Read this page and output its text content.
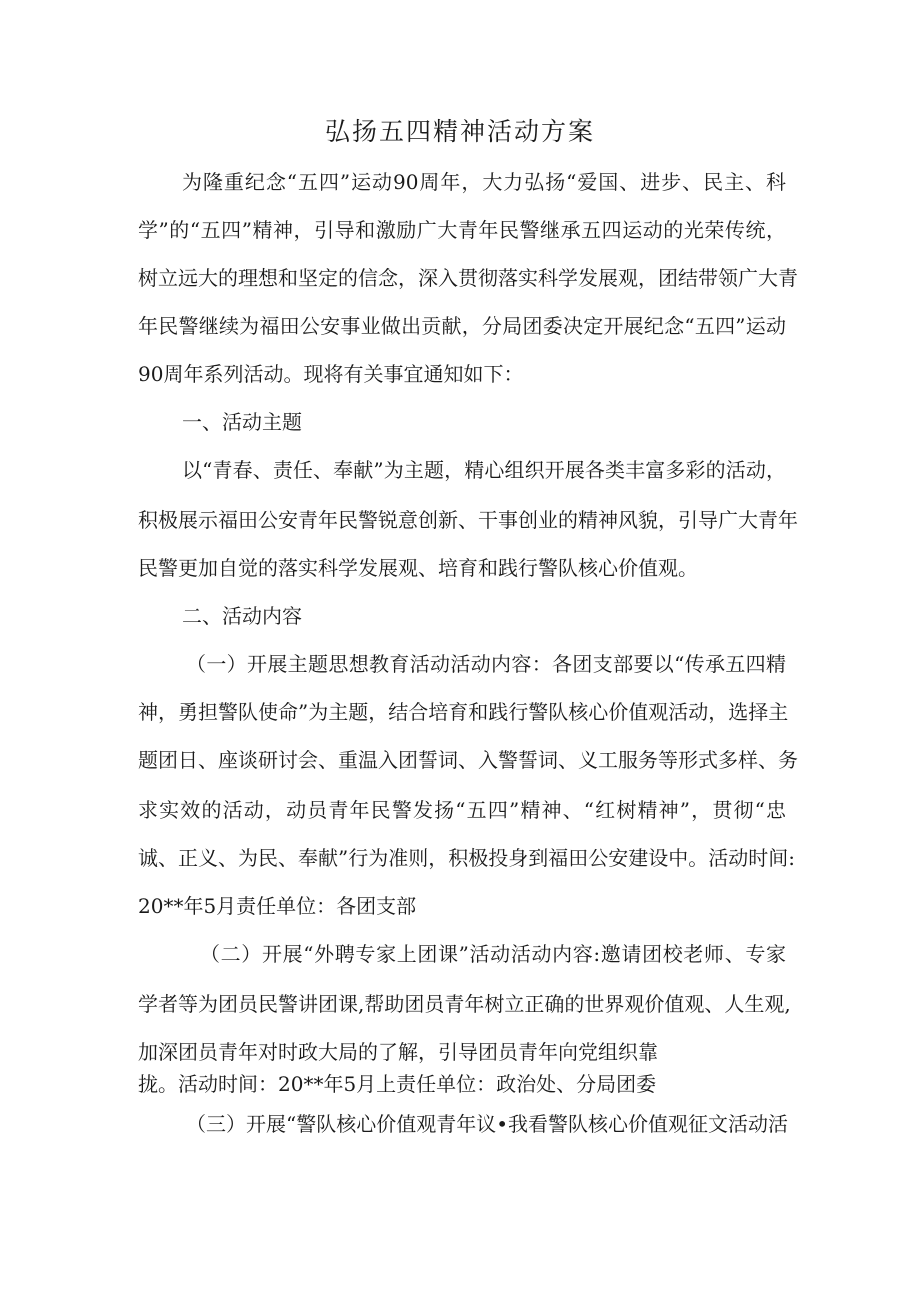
弘扬五四精神活动方案
为隆重纪念“五四”运动90周年，大力弘扬“爱国、进步、民主、科
学”的“五四”精神，引导和激励广大青年民警继承五四运动的光荣传统，
树立远大的理想和坚定的信念，深入贯彻落实科学发展观，团结带领广大青
年民警继续为福田公安事业做出贡献，分局团委决定开展纪念“五四”运动
90周年系列活动。现将有关事宜通知如下：
一、活动主题
以“青春、责任、奉献”为主题，精心组织开展各类丰富多彩的活动，
积极展示福田公安青年民警锐意创新、干事创业的精神风貌，引导广大青年
民警更加自觉的落实科学发展观、培育和践行警队核心价值观。
二、活动内容
（一）开展主题思想教育活动活动内容：各团支部要以“传承五四精
神，勇担警队使命”为主题，结合培育和践行警队核心价值观活动，选择主
题团日、座谈研讨会、重温入团誓词、入警誓词、义工服务等形式多样、务
求实效的活动，动员青年民警发扬“五四”精神、“红树精神”，贯彻“忠
诚、正义、为民、奉献”行为准则，积极投身到福田公安建设中。活动时间:
20**年5月责任单位：各团支部
（二）开展“外聘专家上团课”活动活动内容:邀请团校老师、专家
学者等为团员民警讲团课,帮助团员青年树立正确的世界观价值观、人生观,
加深团员青年对时政大局的了解，引导团员青年向党组织靠
拢。活动时间：20**年5月上责任单位：政治处、分局团委
（三）开展“警队核心价值观青年议•我看警队核心价值观征文活动活
